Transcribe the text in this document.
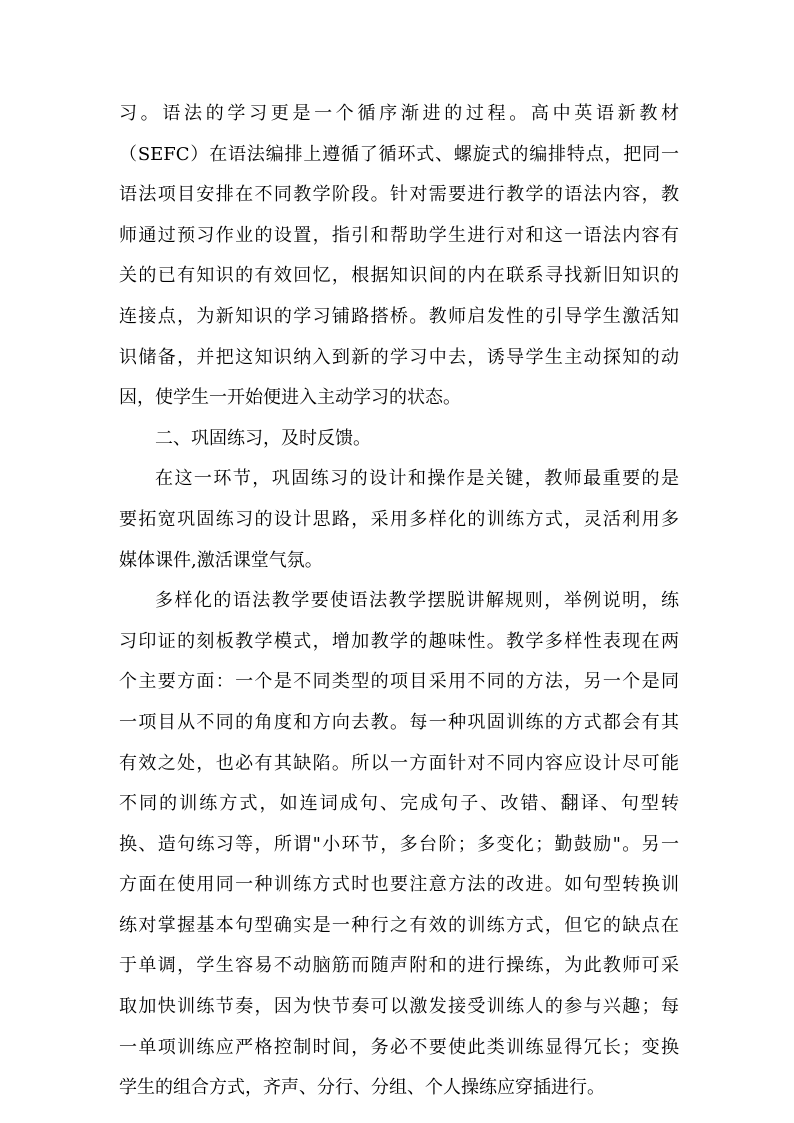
习。语法的学习更是一个循序渐进的过程。高中英语新教材
（SEFC）在语法编排上遵循了循环式、螺旋式的编排特点，把同一
语法项目安排在不同教学阶段。针对需要进行教学的语法内容，教
师通过预习作业的设置，指引和帮助学生进行对和这一语法内容有
关的已有知识的有效回忆，根据知识间的内在联系寻找新旧知识的
连接点，为新知识的学习铺路搭桥。教师启发性的引导学生激活知
识储备，并把这知识纳入到新的学习中去，诱导学生主动探知的动
因，使学生一开始便进入主动学习的状态。
二、巩固练习，及时反馈。
在这一环节，巩固练习的设计和操作是关键，教师最重要的是
要拓宽巩固练习的设计思路，采用多样化的训练方式，灵活利用多
媒体课件,激活课堂气氛。
多样化的语法教学要使语法教学摆脱讲解规则，举例说明，练
习印证的刻板教学模式，增加教学的趣味性。教学多样性表现在两
个主要方面：一个是不同类型的项目采用不同的方法，另一个是同
一项目从不同的角度和方向去教。每一种巩固训练的方式都会有其
有效之处，也必有其缺陷。所以一方面针对不同内容应设计尽可能
不同的训练方式，如连词成句、完成句子、改错、翻译、句型转
换、造句练习等，所谓"小环节，多台阶；多变化；勤鼓励"。另一
方面在使用同一种训练方式时也要注意方法的改进。如句型转换训
练对掌握基本句型确实是一种行之有效的训练方式，但它的缺点在
于单调，学生容易不动脑筋而随声附和的进行操练，为此教师可采
取加快训练节奏，因为快节奏可以激发接受训练人的参与兴趣；每
一单项训练应严格控制时间，务必不要使此类训练显得冗长；变换
学生的组合方式，齐声、分行、分组、个人操练应穿插进行。
